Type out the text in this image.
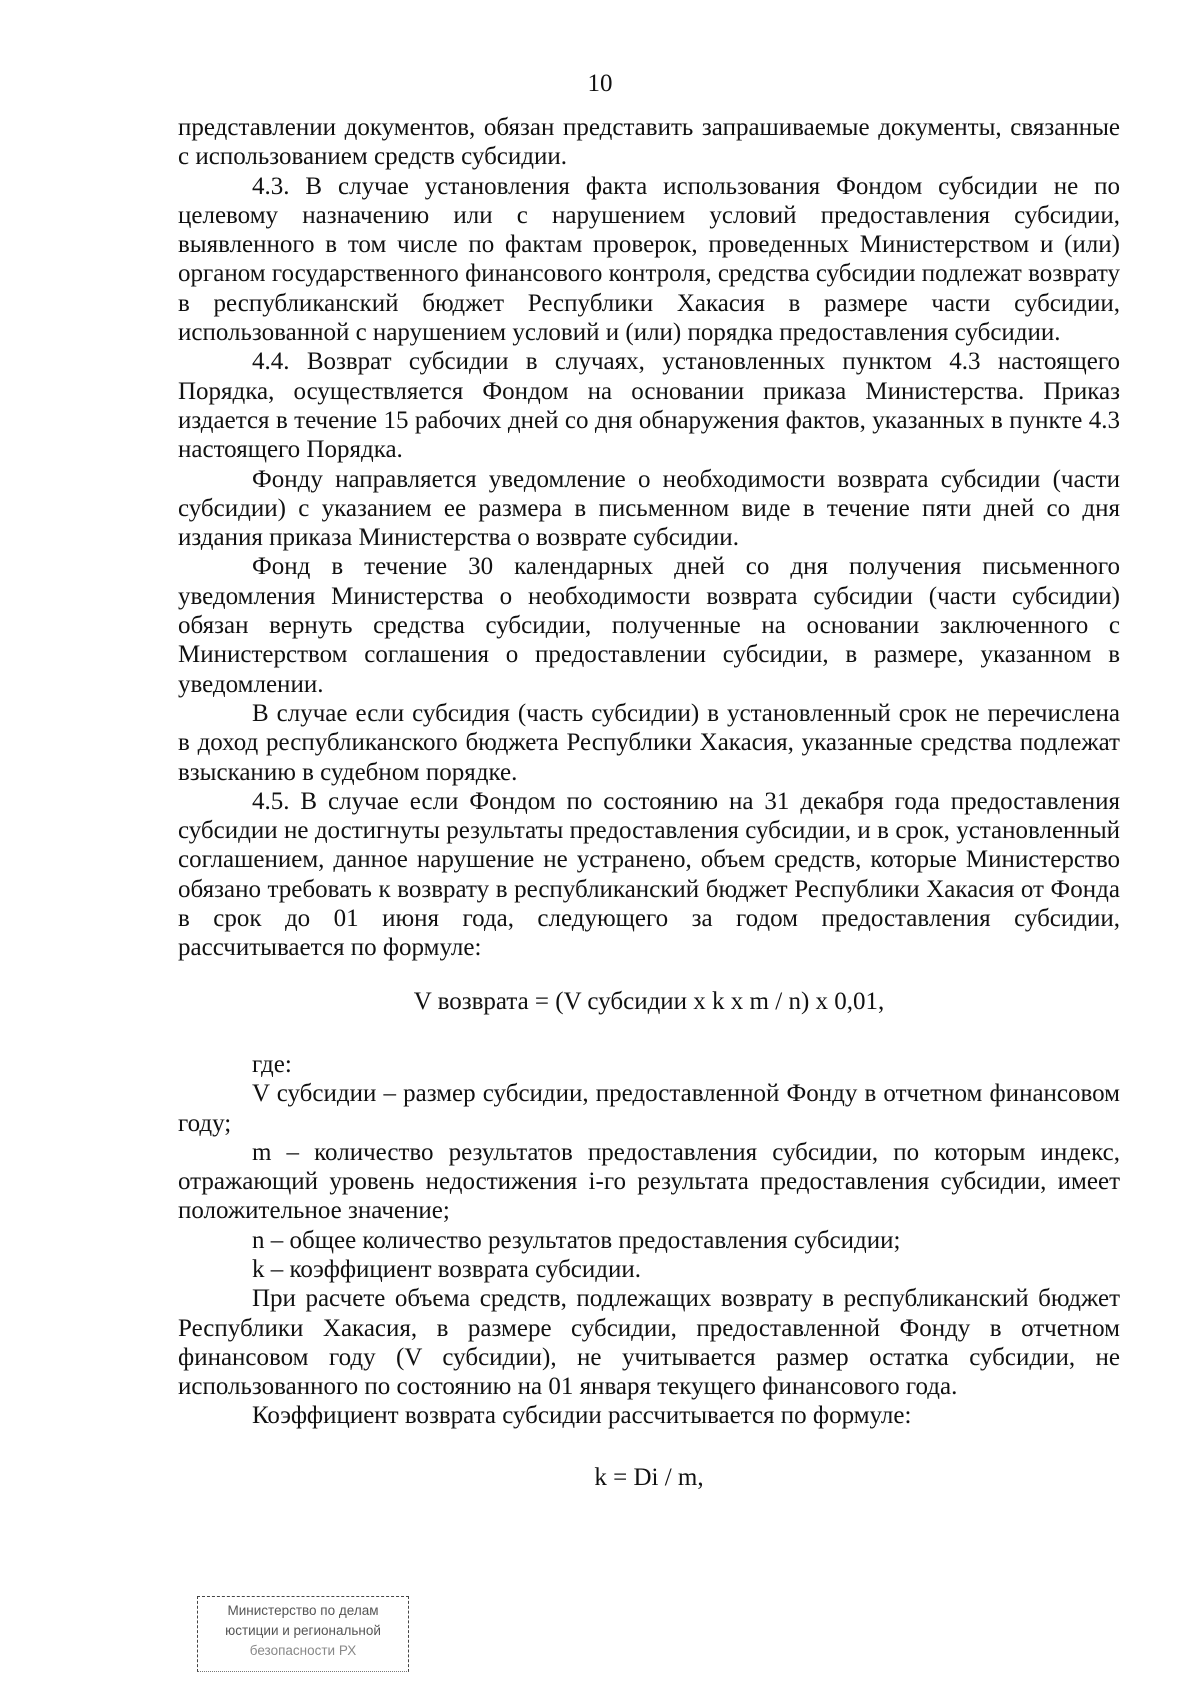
10

представлении документов, обязан представить запрашиваемые документы, связанные с использованием средств субсидии.

4.3. В случае установления факта использования Фондом субсидии не по целевому назначению или с нарушением условий предоставления субсидии, выявленного в том числе по фактам проверок, проведенных Министерством и (или) органом государственного финансового контроля, средства субсидии подлежат возврату в республиканский бюджет Республики Хакасия в размере части субсидии, использованной с нарушением условий и (или) порядка предоставления субсидии.

4.4. Возврат субсидии в случаях, установленных пунктом 4.3 настоящего Порядка, осуществляется Фондом на основании приказа Министерства. Приказ издается в течение 15 рабочих дней со дня обнаружения фактов, указанных в пункте 4.3 настоящего Порядка.

Фонду направляется уведомление о необходимости возврата субсидии (части субсидии) с указанием ее размера в письменном виде в течение пяти дней со дня издания приказа Министерства о возврате субсидии.

Фонд в течение 30 календарных дней со дня получения письменного уведомления Министерства о необходимости возврата субсидии (части субсидии) обязан вернуть средства субсидии, полученные на основании заключенного с Министерством соглашения о предоставлении субсидии, в размере, указанном в уведомлении.

В случае если субсидия (часть субсидии) в установленный срок не перечислена в доход республиканского бюджета Республики Хакасия, указанные средства подлежат взысканию в судебном порядке.

4.5. В случае если Фондом по состоянию на 31 декабря года предоставления субсидии не достигнуты результаты предоставления субсидии, и в срок, установленный соглашением, данное нарушение не устранено, объем средств, которые Министерство обязано требовать к возврату в республиканский бюджет Республики Хакасия от Фонда в срок до 01 июня года, следующего за годом предоставления субсидии, рассчитывается по формуле:

V возврата = (V субсидии x k x m / n) x 0,01,

где:

V субсидии – размер субсидии, предоставленной Фонду в отчетном финансовом году;

m – количество результатов предоставления субсидии, по которым индекс, отражающий уровень недостижения i-го результата предоставления субсидии, имеет положительное значение;

n – общее количество результатов предоставления субсидии;

k – коэффициент возврата субсидии.

При расчете объема средств, подлежащих возврату в республиканский бюджет Республики Хакасия, в размере субсидии, предоставленной Фонду в отчетном финансовом году (V субсидии), не учитывается размер остатка субсидии, не использованного по состоянию на 01 января текущего финансового года.

Коэффициент возврата субсидии рассчитывается по формуле:

k = Di / m,

Министерство по делам
юстиции и региональной
безопасности РХ
